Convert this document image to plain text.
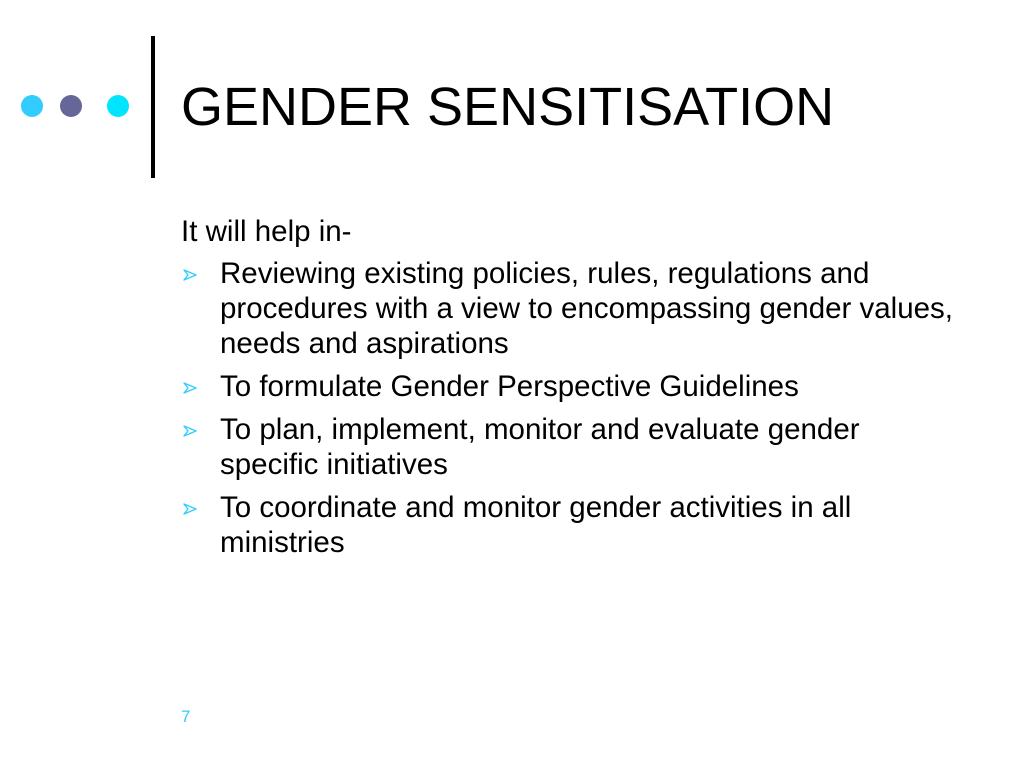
GENDER SENSITISATION

It will help in-

Reviewing existing policies, rules, regulations and procedures with a view to encompassing gender values, needs and aspirations
To formulate Gender Perspective Guidelines
To plan, implement, monitor and evaluate gender specific initiatives
To coordinate and monitor gender activities in all ministries
7
